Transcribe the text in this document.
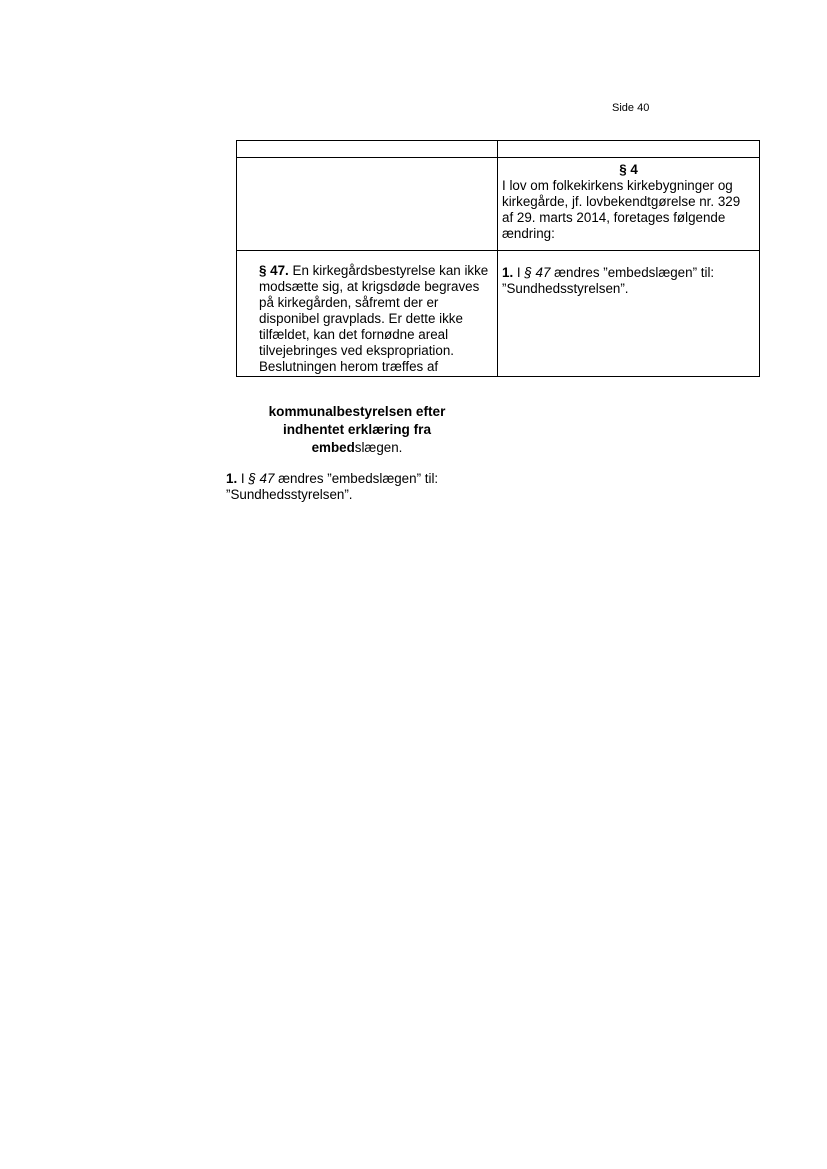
Side 40

	§ 4

I lov om folkekirkens kirkebygninger og kirkegårde, jf. lovbekendtgørelse nr. 329 af 29. marts 2014, foretages følgende ændring:

§ 47. En kirkegårdsbestyrelse kan ikke modsætte sig, at krigsdøde begraves på kirkegården, såfremt der er disponibel gravplads. Er dette ikke tilfældet, kan det fornødne areal tilvejebringes ved ekspropriation. Beslutningen herom træffes af	1. I § 47 ændres ”embedslægen” til: ”Sundhedsstyrelsen”.

kommunalbestyrelsen efter
indhentet erklæring fra
embedslægen.

1. I § 47 ændres ”embedslægen” til: ”Sundhedsstyrelsen”.
